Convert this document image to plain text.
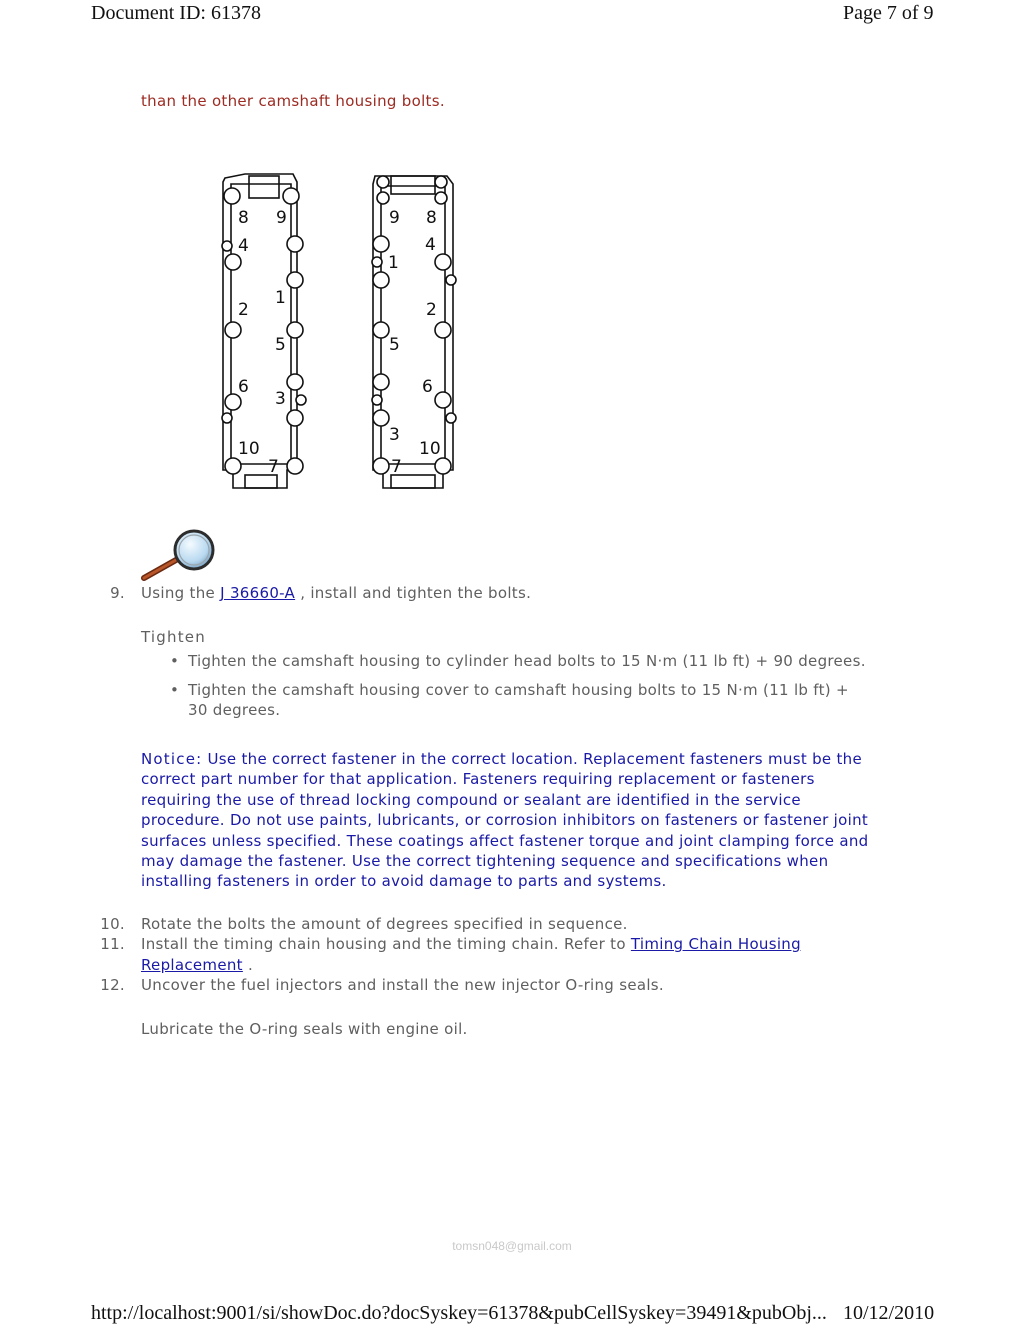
Document ID: 61378	Page 7 of 9
than the other camshaft housing bolts.
8 9
4
1
2
5
6
3
10
7
9 8
1
4
2
5
6
3
10
7
9. Using the J 36660-A , install and tighten the bolts.
Tighten
• Tighten the camshaft housing to cylinder head bolts to 15 N·m (11 lb ft) + 90 degrees.
• Tighten the camshaft housing cover to camshaft housing bolts to 15 N·m (11 lb ft) +
30 degrees.
Notice: Use the correct fastener in the correct location. Replacement fasteners must be the
correct part number for that application. Fasteners requiring replacement or fasteners
requiring the use of thread locking compound or sealant are identified in the service
procedure. Do not use paints, lubricants, or corrosion inhibitors on fasteners or fastener joint
surfaces unless specified. These coatings affect fastener torque and joint clamping force and
may damage the fastener. Use the correct tightening sequence and specifications when
installing fasteners in order to avoid damage to parts and systems.
10. Rotate the bolts the amount of degrees specified in sequence.
11. Install the timing chain housing and the timing chain. Refer to Timing Chain Housing
Replacement .
12. Uncover the fuel injectors and install the new injector O-ring seals.
Lubricate the O-ring seals with engine oil.
tomsn048@gmail.com
http://localhost:9001/si/showDoc.do?docSyskey=61378&pubCellSyskey=39491&pubObj... 10/12/2010
